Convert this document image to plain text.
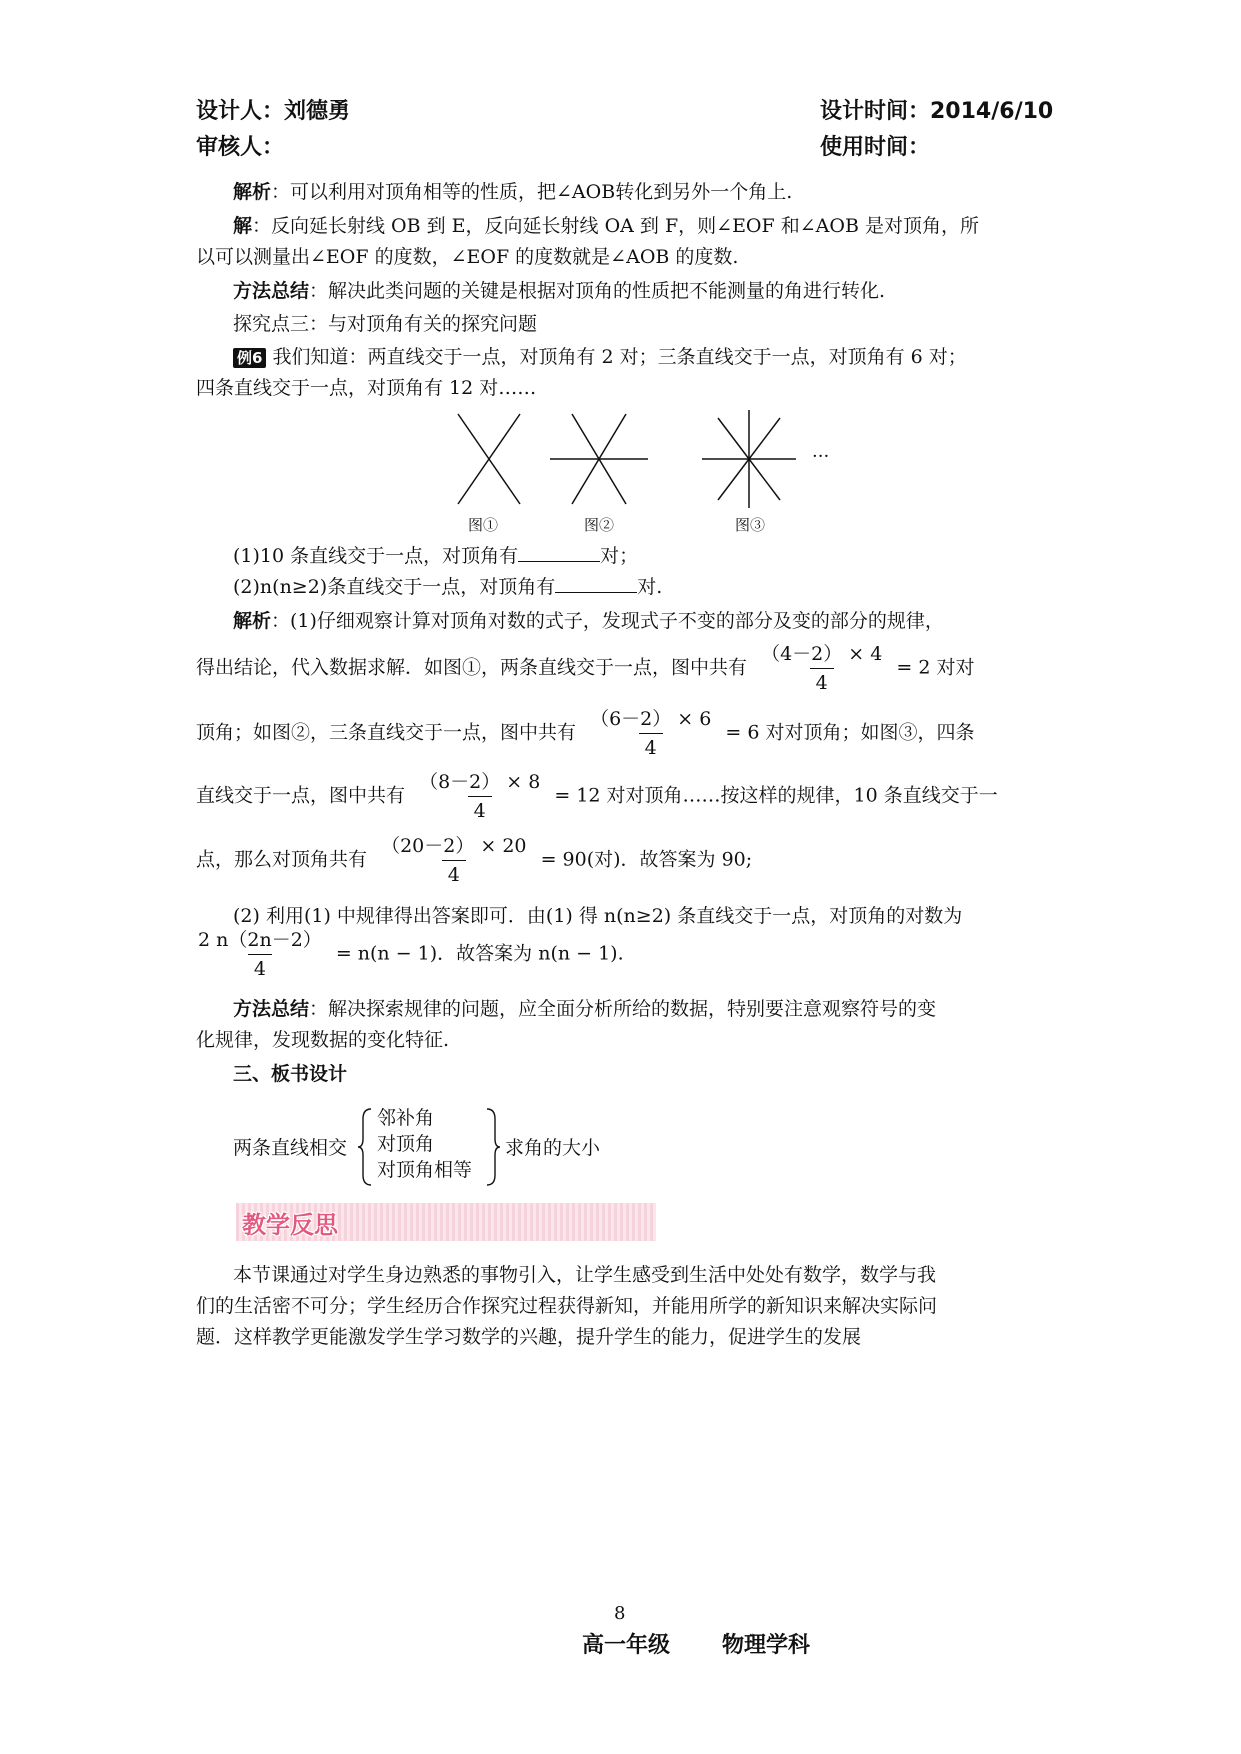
设计人：刘德勇	设计时间：2014/6/10
审核人：	使用时间：
解析：可以利用对顶角相等的性质，把∠AOB转化到另外一个角上.
解：反向延长射线 OB 到 E，反向延长射线 OA 到 F，则∠EOF 和∠AOB 是对顶角，所
以可以测量出∠EOF 的度数，∠EOF 的度数就是∠AOB 的度数.
方法总结：解决此类问题的关键是根据对顶角的性质把不能测量的角进行转化.
探究点三：与对顶角有关的探究问题
例6 我们知道：两直线交于一点，对顶角有 2 对；三条直线交于一点，对顶角有 6 对；
四条直线交于一点，对顶角有 12 对……
···
图①	图②	图③
(1)10 条直线交于一点，对顶角有	对；
(2)n(n≥2)条直线交于一点，对顶角有	对.
解析：(1)仔细观察计算对顶角对数的式子，发现式子不变的部分及变的部分的规律，
得出结论，代入数据求解．如图①，两条直线交于一点，图中共有 $\frac{(4-2) \times 4}{4} = 2$ 对对
顶角；如图②，三条直线交于一点，图中共有 $\frac{(6-2) \times 6}{4} = 6$ 对对顶角；如图③，四条
直线交于一点，图中共有 $\frac{(8-2) \times 8}{4} = 12$ 对对顶角……按这样的规律，10 条直线交于一
点，那么对顶角共有 $\frac{(20-2) \times 20}{4} = 90$(对)．故答案为 90;
(2) 利用(1) 中规律得出答案即可．由(1) 得 n(n≥2) 条直线交于一点，对顶角的对数为
$\frac{2 n(2n-2)}{4} = n(n - 1)$．故答案为 n(n − 1).
方法总结：解决探索规律的问题，应全面分析所给的数据，特别要注意观察符号的变
化规律，发现数据的变化特征.
三、板书设计
两条直线相交
邻补角
对顶角
对顶角相等
求角的大小
教学反思
本节课通过对学生身边熟悉的事物引入，让学生感受到生活中处处有数学，数学与我
们的生活密不可分；学生经历合作探究过程获得新知，并能用所学的新知识来解决实际问
题．这样教学更能激发学生学习数学的兴趣，提升学生的能力，促进学生的发展
8
高一年级 物理学科
